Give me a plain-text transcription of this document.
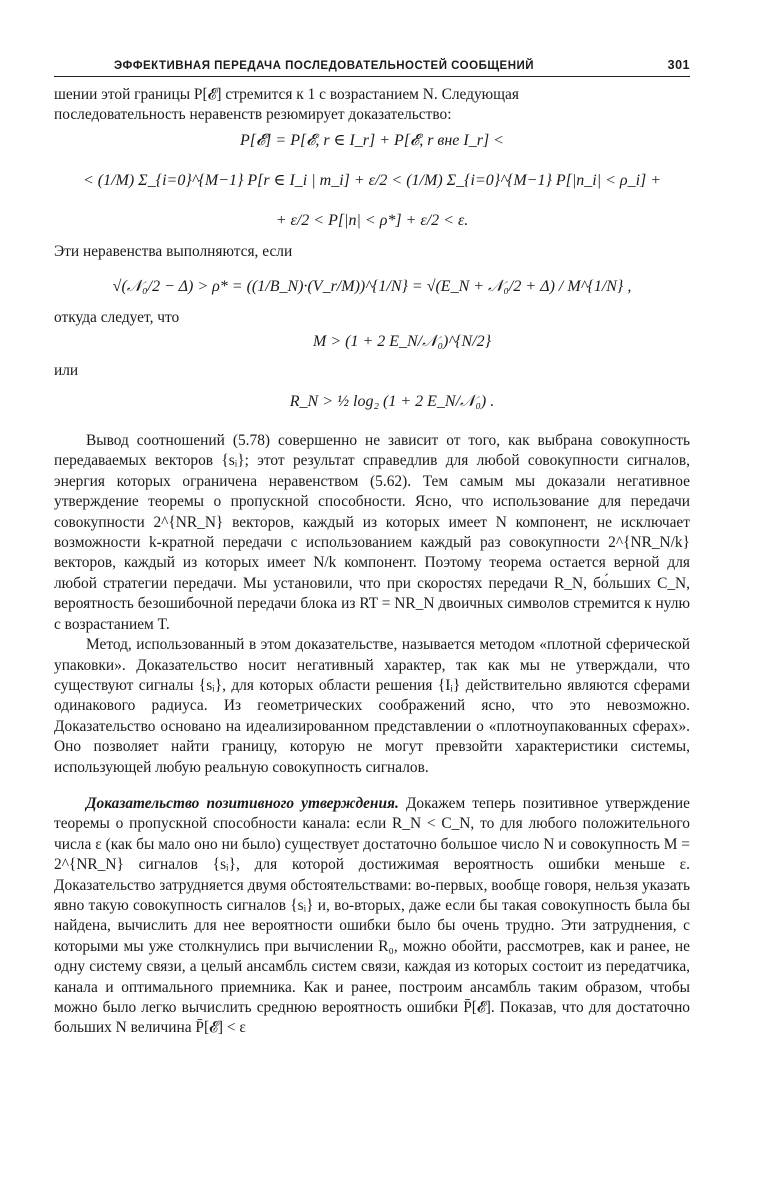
ЭФФЕКТИВНАЯ ПЕРЕДАЧА ПОСЛЕДОВАТЕЛЬНОСТЕЙ СООБЩЕНИЙ	301

шении этой границы P[𝓔] стремится к 1 с возрастанием N. Следующая

последовательность неравенств резюмирует доказательство:

P[𝓔] = P[𝓔, r ∈ I_r] + P[𝓔, r вне I_r] <
< (1/M) Σ_{i=0}^{M−1} P[r ∈ I_i | m_i] + ε/2 < (1/M) Σ_{i=0}^{M−1} P[|n_i| < ρ_i] +
+ ε/2 < P[|n| < ρ*] + ε/2 < ε.

Эти неравенства выполняются, если

√(𝒩₀/2 − Δ) > ρ* = ((1/B_N)·(V_r/M))^{1/N} = √(E_N + 𝒩₀/2 + Δ) / M^{1/N} ,

откуда следует, что

M > (1 + 2 E_N/𝒩₀)^{N/2}

или

R_N > ½ log₂ (1 + 2 E_N/𝒩₀) .

Вывод соотношений (5.78) совершенно не зависит от того, как выбрана совокупность передаваемых векторов {sᵢ}; этот результат справедлив для любой совокупности сигналов, энергия которых ограничена неравенством (5.62). Тем самым мы доказали негативное утверждение теоремы о пропускной способности. Ясно, что использование для передачи совокупности 2^{NR_N} векторов, каждый из которых имеет N компонент, не исключает возможности k-кратной передачи с использованием каждый раз совокупности 2^{NR_N/k} векторов, каждый из которых имеет N/k компонент. Поэтому теорема остается верной для любой стратегии передачи. Мы установили, что при скоростях передачи R_N, бо́льших C_N, вероятность безошибочной передачи блока из RT = NR_N двоичных символов стремится к нулю с возрастанием T.

Метод, использованный в этом доказательстве, называется методом «плотной сферической упаковки». Доказательство носит негативный характер, так как мы не утверждали, что существуют сигналы {sᵢ}, для которых области решения {Iᵢ} действительно являются сферами одинакового радиуса. Из геометрических соображений ясно, что это невозможно. Доказательство основано на идеализированном представлении о «плотноупакованных сферах». Оно позволяет найти границу, которую не могут превзойти характеристики системы, использующей любую реальную совокупность сигналов.

Доказательство позитивного утверждения. Докажем теперь позитивное утверждение теоремы о пропускной способности канала: если R_N < C_N, то для любого положительного числа ε (как бы мало оно ни было) существует достаточно большое число N и совокупность M = 2^{NR_N} сигналов {sᵢ}, для которой достижимая вероятность ошибки меньше ε. Доказательство затрудняется двумя обстоятельствами: во-первых, вообще говоря, нельзя указать явно такую совокупность сигналов {sᵢ} и, во-вторых, даже если бы такая совокупность была бы найдена, вычислить для нее вероятности ошибки было бы очень трудно. Эти затруднения, с которыми мы уже столкнулись при вычислении R₀, можно обойти, рассмотрев, как и ранее, не одну систему связи, а целый ансамбль систем связи, каждая из которых состоит из передатчика, канала и оптимального приемника. Как и ранее, построим ансамбль таким образом, чтобы можно было легко вычислить среднюю вероятность ошибки P̄[𝓔]. Показав, что для достаточно больших N величина P̄[𝓔] < ε
